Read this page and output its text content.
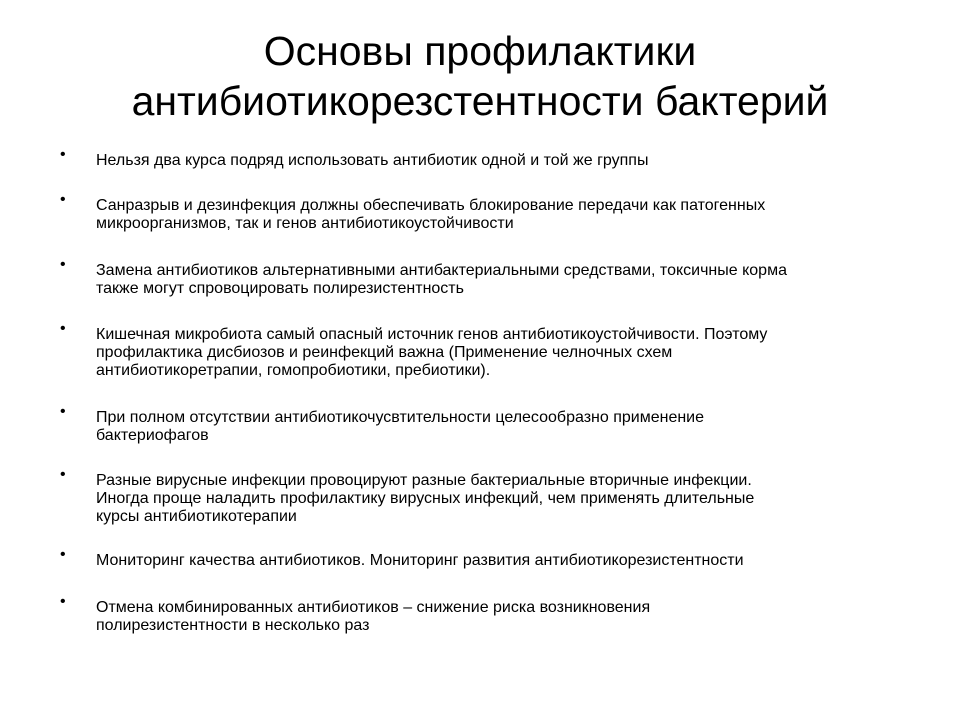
Основы профилактики
антибиотикорезстентности бактерий
• Нельзя два курса подряд использовать антибиотик одной и той же группы
• Санразрыв и дезинфекция должны обеспечивать блокирование передачи как патогенных
микроорганизмов, так и генов антибиотикоустойчивости
• Замена антибиотиков альтернативными антибактериальными средствами, токсичные корма
также могут спровоцировать полирезистентность
• Кишечная микробиота самый опасный источник генов антибиотикоустойчивости. Поэтому
профилактика дисбиозов и реинфекций важна (Применение челночных схем
антибиотикоретрапии, гомопробиотики, пребиотики).
• При полном отсутствии антибиотикочусвтительности целесообразно применение
бактериофагов
• Разные вирусные инфекции провоцируют разные бактериальные вторичные инфекции.
Иногда проще наладить профилактику вирусных инфекций, чем применять длительные
курсы антибиотикотерапии
• Мониторинг качества антибиотиков. Мониторинг развития антибиотикорезистентности
• Отмена комбинированных антибиотиков – снижение риска возникновения
полирезистентности в несколько раз
